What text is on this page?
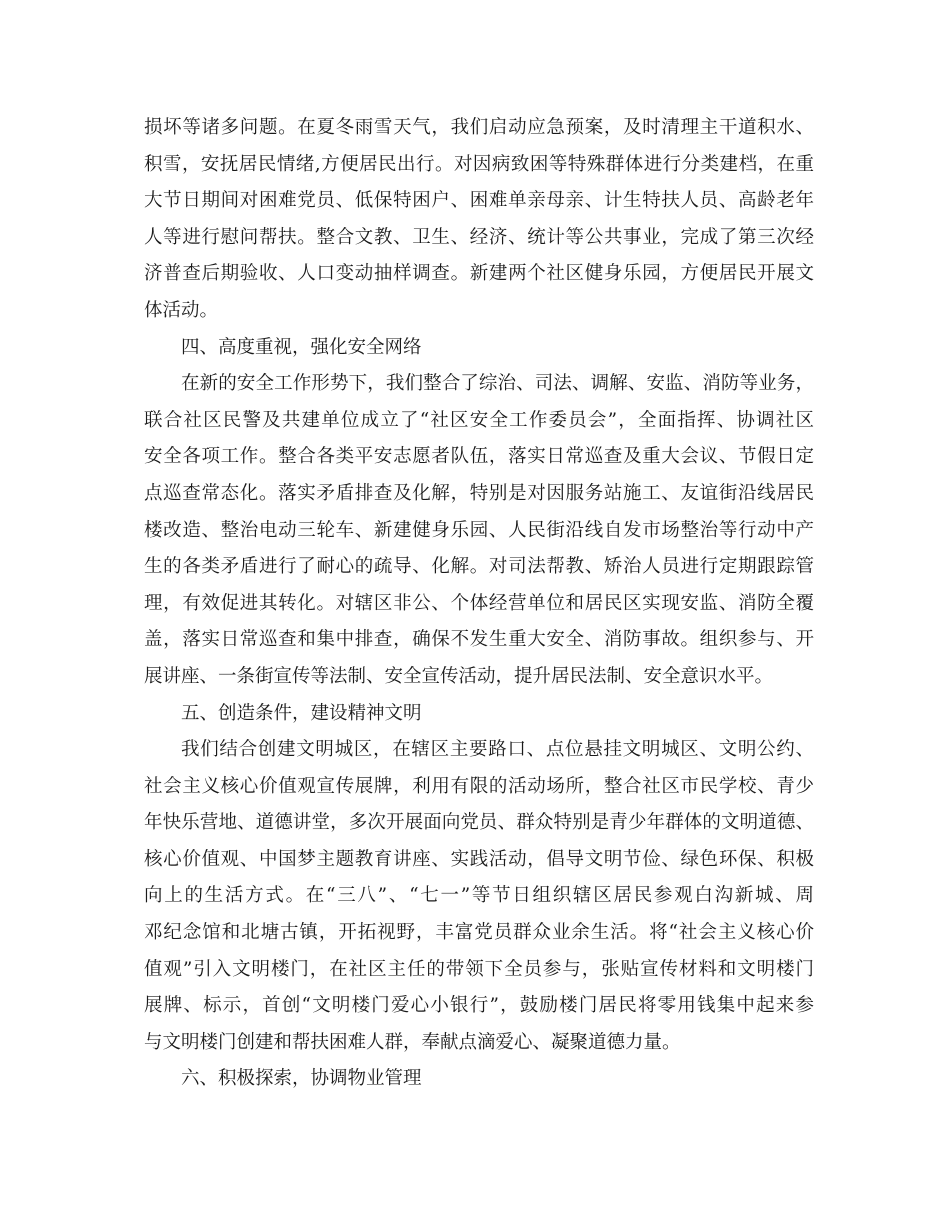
损坏等诸多问题。在夏冬雨雪天气，我们启动应急预案，及时清理主干道积水、
积雪，安抚居民情绪,方便居民出行。对因病致困等特殊群体进行分类建档，在重
大节日期间对困难党员、低保特困户、困难单亲母亲、计生特扶人员、高龄老年
人等进行慰问帮扶。整合文教、卫生、经济、统计等公共事业，完成了第三次经
济普查后期验收、人口变动抽样调查。新建两个社区健身乐园，方便居民开展文
体活动。
四、高度重视，强化安全网络
在新的安全工作形势下，我们整合了综治、司法、调解、安监、消防等业务，
联合社区民警及共建单位成立了“社区安全工作委员会”，全面指挥、协调社区
安全各项工作。整合各类平安志愿者队伍，落实日常巡查及重大会议、节假日定
点巡查常态化。落实矛盾排查及化解，特别是对因服务站施工、友谊街沿线居民
楼改造、整治电动三轮车、新建健身乐园、人民街沿线自发市场整治等行动中产
生的各类矛盾进行了耐心的疏导、化解。对司法帮教、矫治人员进行定期跟踪管
理，有效促进其转化。对辖区非公、个体经营单位和居民区实现安监、消防全覆
盖，落实日常巡查和集中排查，确保不发生重大安全、消防事故。组织参与、开
展讲座、一条街宣传等法制、安全宣传活动，提升居民法制、安全意识水平。
五、创造条件，建设精神文明
我们结合创建文明城区，在辖区主要路口、点位悬挂文明城区、文明公约、
社会主义核心价值观宣传展牌，利用有限的活动场所，整合社区市民学校、青少
年快乐营地、道德讲堂，多次开展面向党员、群众特别是青少年群体的文明道德、
核心价值观、中国梦主题教育讲座、实践活动，倡导文明节俭、绿色环保、积极
向上的生活方式。在“三八”、“七一”等节日组织辖区居民参观白沟新城、周
邓纪念馆和北塘古镇，开拓视野，丰富党员群众业余生活。将“社会主义核心价
值观”引入文明楼门，在社区主任的带领下全员参与，张贴宣传材料和文明楼门
展牌、标示，首创“文明楼门爱心小银行”，鼓励楼门居民将零用钱集中起来参
与文明楼门创建和帮扶困难人群，奉献点滴爱心、凝聚道德力量。
六、积极探索，协调物业管理
